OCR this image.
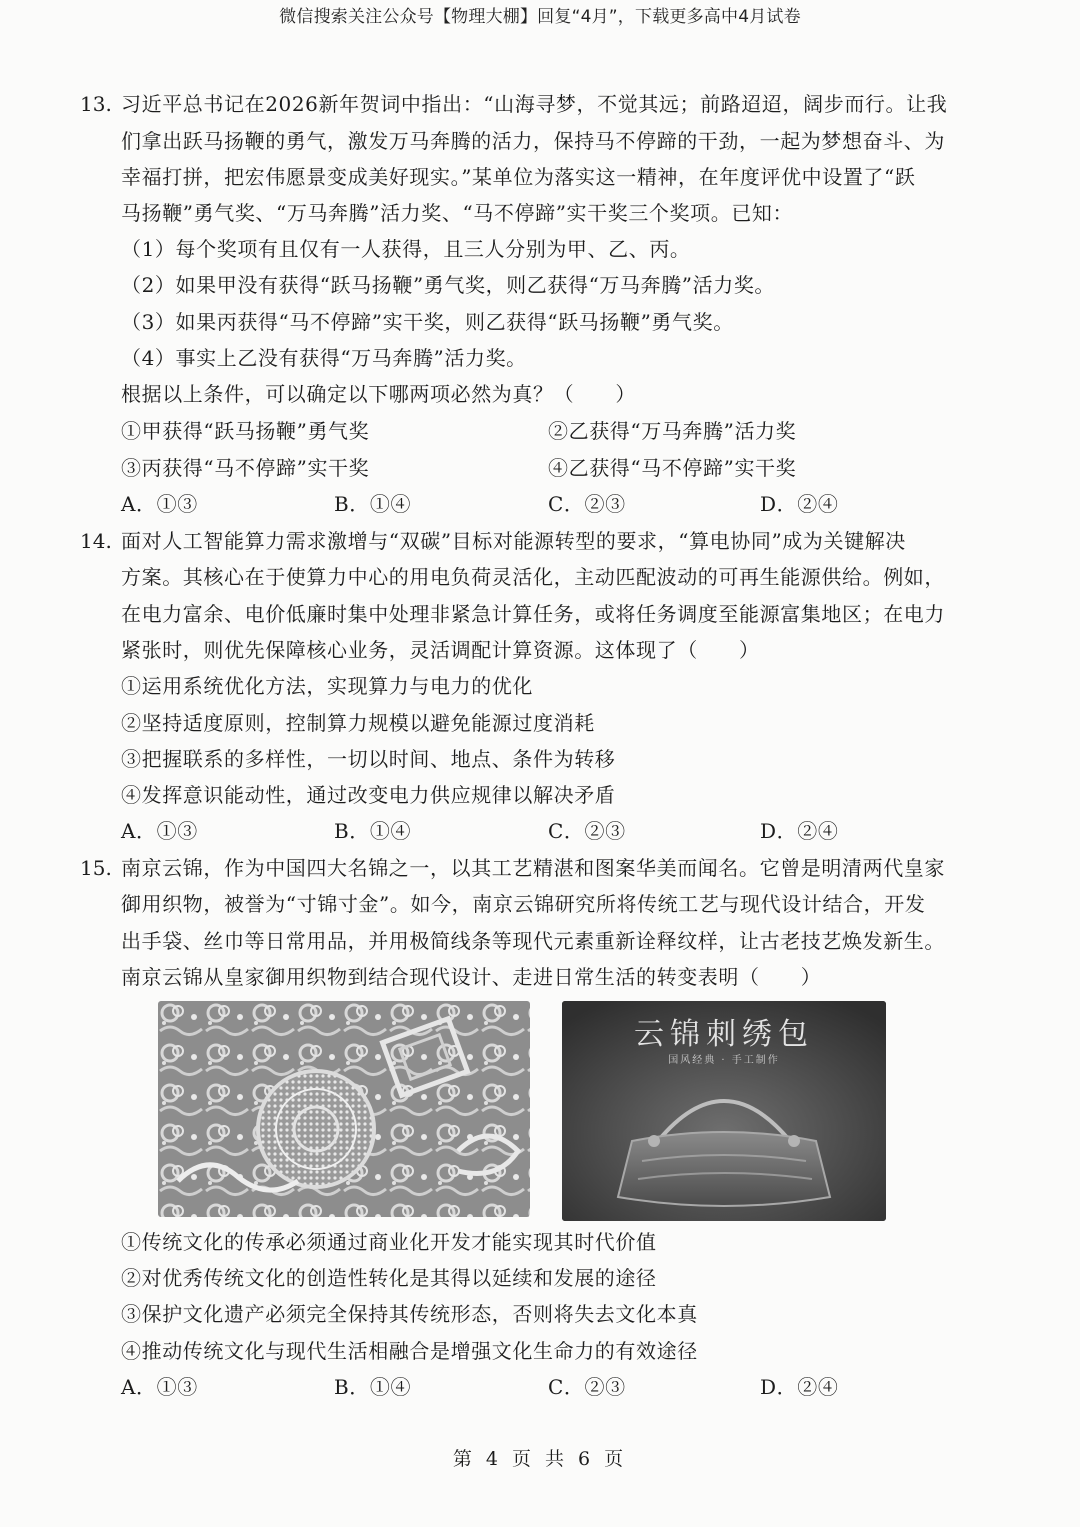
微信搜索关注公众号【物理大棚】回复“4月”，下载更多高中4月试卷
13. 习近平总书记在2026新年贺词中指出：“山海寻梦，不觉其远；前路迢迢，阔步而行。让我
们拿出跃马扬鞭的勇气，激发万马奔腾的活力，保持马不停蹄的干劲，一起为梦想奋斗、为
幸福打拼，把宏伟愿景变成美好现实。”某单位为落实这一精神，在年度评优中设置了“跃
马扬鞭”勇气奖、“万马奔腾”活力奖、“马不停蹄”实干奖三个奖项。已知：
（1）每个奖项有且仅有一人获得，且三人分别为甲、乙、丙。
（2）如果甲没有获得“跃马扬鞭”勇气奖，则乙获得“万马奔腾”活力奖。
（3）如果丙获得“马不停蹄”实干奖，则乙获得“跃马扬鞭”勇气奖。
（4）事实上乙没有获得“万马奔腾”活力奖。
根据以上条件，可以确定以下哪两项必然为真？（　　）
①甲获得“跃马扬鞭”勇气奖	②乙获得“万马奔腾”活力奖
③丙获得“马不停蹄”实干奖	④乙获得“马不停蹄”实干奖
A．①③	B．①④	C．②③	D．②④
14. 面对人工智能算力需求激增与“双碳”目标对能源转型的要求，“算电协同”成为关键解决
方案。其核心在于使算力中心的用电负荷灵活化，主动匹配波动的可再生能源供给。例如，
在电力富余、电价低廉时集中处理非紧急计算任务，或将任务调度至能源富集地区；在电力
紧张时，则优先保障核心业务，灵活调配计算资源。这体现了（　　）
①运用系统优化方法，实现算力与电力的优化
②坚持适度原则，控制算力规模以避免能源过度消耗
③把握联系的多样性，一切以时间、地点、条件为转移
④发挥意识能动性，通过改变电力供应规律以解决矛盾
A．①③	B．①④	C．②③	D．②④
15. 南京云锦，作为中国四大名锦之一，以其工艺精湛和图案华美而闻名。它曾是明清两代皇家
御用织物，被誉为“寸锦寸金”。如今，南京云锦研究所将传统工艺与现代设计结合，开发
出手袋、丝巾等日常用品，并用极简线条等现代元素重新诠释纹样，让古老技艺焕发新生。
南京云锦从皇家御用织物到结合现代设计、走进日常生活的转变表明（　　）
云锦刺绣包
国风经典 · 手工制作
①传统文化的传承必须通过商业化开发才能实现其时代价值
②对优秀传统文化的创造性转化是其得以延续和发展的途径
③保护文化遗产必须完全保持其传统形态，否则将失去文化本真
④推动传统文化与现代生活相融合是增强文化生命力的有效途径
A．①③	B．①④	C．②③	D．②④
第 4 页 共 6 页
